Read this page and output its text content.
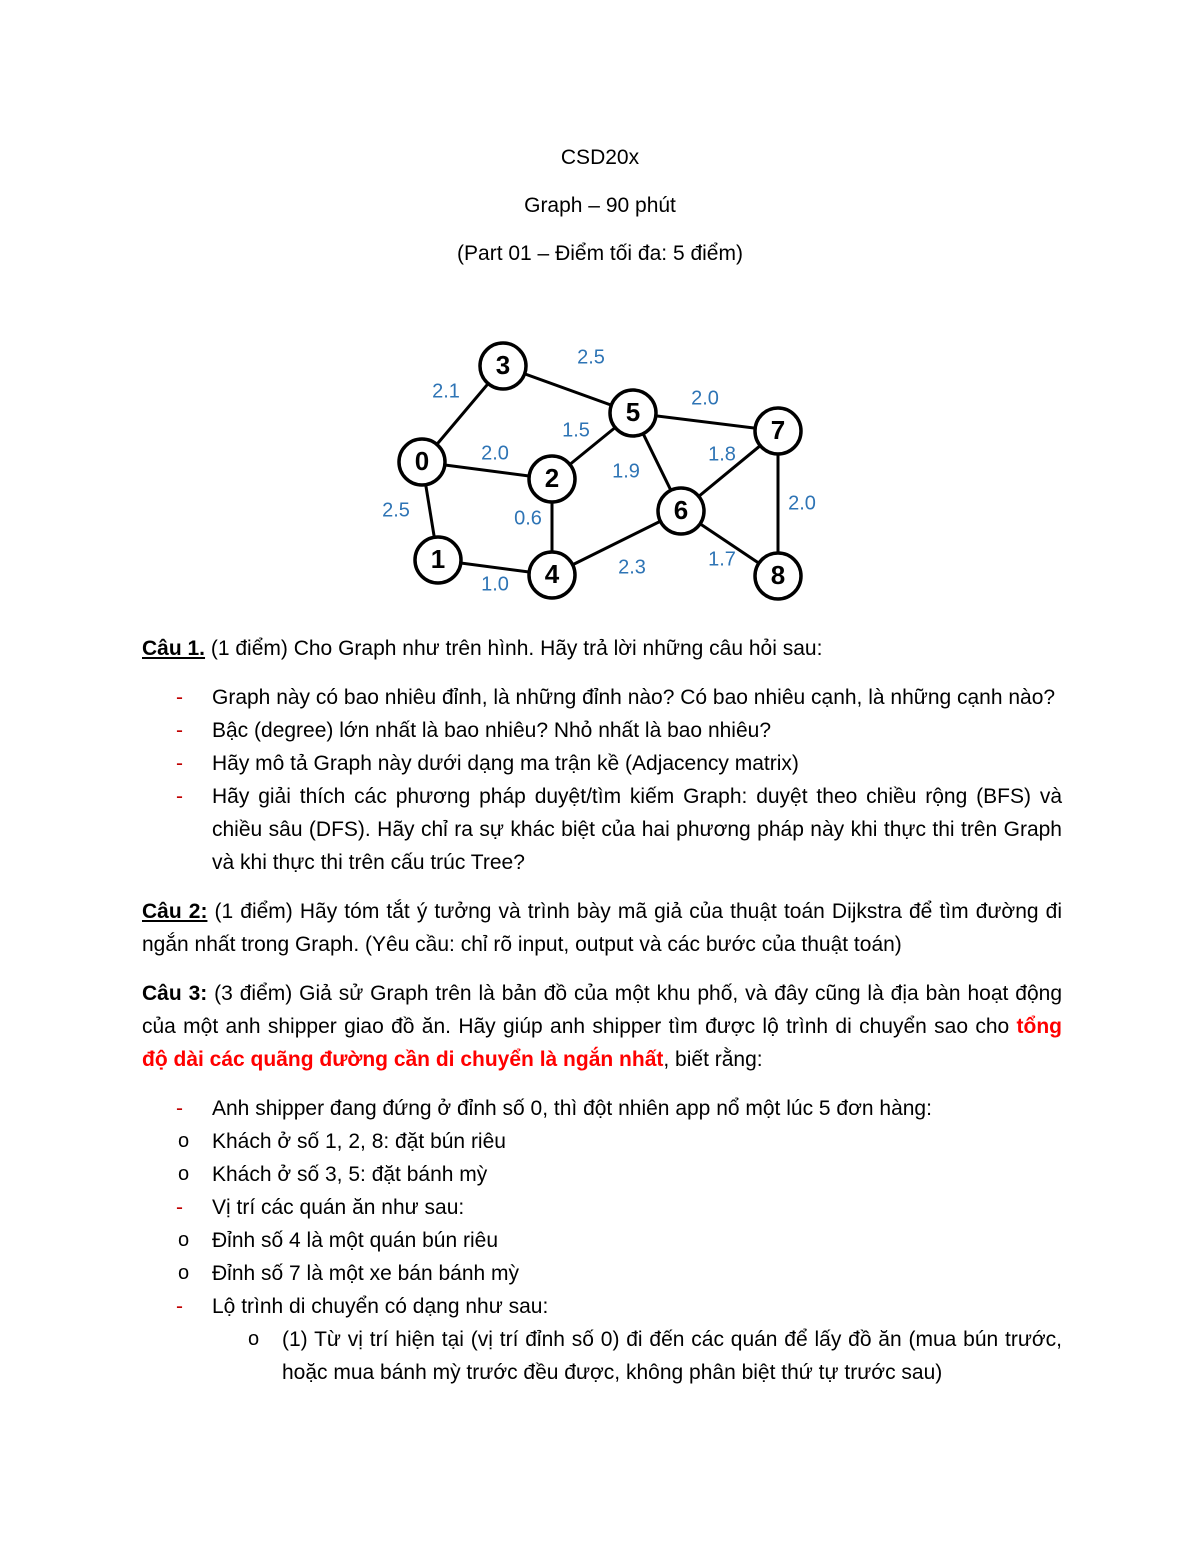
CSD20x
Graph – 90 phút
(Part 01 – Điểm tối đa: 5 điểm)
2.1
2.0
2.5
2.5
1.5
0.6
1.0
2.0
1.9
1.8
2.0
2.3	1.7
0
1
2
3
4
5
6
7
8

Câu 1. (1 điểm) Cho Graph như trên hình. Hãy trả lời những câu hỏi sau:

- Graph này có bao nhiêu đỉnh, là những đỉnh nào? Có bao nhiêu cạnh, là những cạnh nào?
- Bậc (degree) lớn nhất là bao nhiêu? Nhỏ nhất là bao nhiêu?
- Hãy mô tả Graph này dưới dạng ma trận kề (Adjacency matrix)
- Hãy giải thích các phương pháp duyệt/tìm kiếm Graph: duyệt theo chiều rộng (BFS) và chiều sâu (DFS). Hãy chỉ ra sự khác biệt của hai phương pháp này khi thực thi trên Graph và khi thực thi trên cấu trúc Tree?

Câu 2: (1 điểm) Hãy tóm tắt ý tưởng và trình bày mã giả của thuật toán Dijkstra để tìm đường đi ngắn nhất trong Graph. (Yêu cầu: chỉ rõ input, output và các bước của thuật toán)

Câu 3: (3 điểm) Giả sử Graph trên là bản đồ của một khu phố, và đây cũng là địa bàn hoạt động của một anh shipper giao đồ ăn. Hãy giúp anh shipper tìm được lộ trình di chuyển sao cho tổng độ dài các quãng đường cần di chuyển là ngắn nhất, biết rằng:

- Anh shipper đang đứng ở đỉnh số 0, thì đột nhiên app nổ một lúc 5 đơn hàng:
o Khách ở số 1, 2, 8: đặt bún riêu
o Khách ở số 3, 5: đặt bánh mỳ
- Vị trí các quán ăn như sau:
o Đỉnh số 4 là một quán bún riêu
o Đỉnh số 7 là một xe bán bánh mỳ
- Lộ trình di chuyển có dạng như sau:
o (1) Từ vị trí hiện tại (vị trí đỉnh số 0) đi đến các quán để lấy đồ ăn (mua bún trước, hoặc mua bánh mỳ trước đều được, không phân biệt thứ tự trước sau)
